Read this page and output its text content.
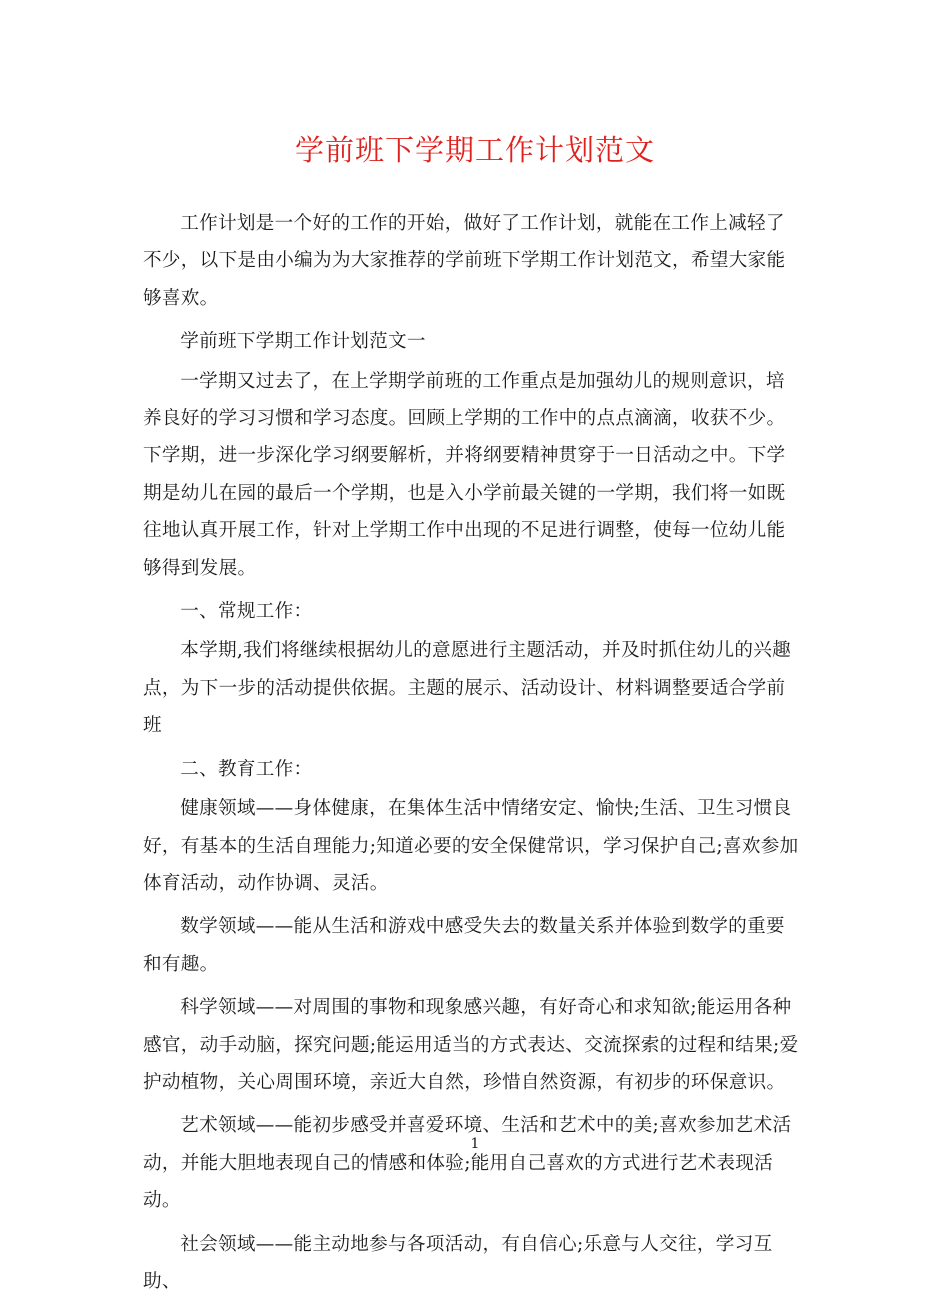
学前班下学期工作计划范文

工作计划是一个好的工作的开始，做好了工作计划，就能在工作上减轻了不少，以下是由小编为为大家推荐的学前班下学期工作计划范文，希望大家能够喜欢。

学前班下学期工作计划范文一

一学期又过去了，在上学期学前班的工作重点是加强幼儿的规则意识，培养良好的学习习惯和学习态度。回顾上学期的工作中的点点滴滴，收获不少。下学期，进一步深化学习纲要解析，并将纲要精神贯穿于一日活动之中。下学期是幼儿在园的最后一个学期，也是入小学前最关键的一学期，我们将一如既往地认真开展工作，针对上学期工作中出现的不足进行调整，使每一位幼儿能够得到发展。

一、常规工作：

本学期,我们将继续根据幼儿的意愿进行主题活动，并及时抓住幼儿的兴趣点，为下一步的活动提供依据。主题的展示、活动设计、材料调整要适合学前班

二、教育工作：

健康领域——身体健康，在集体生活中情绪安定、愉快;生活、卫生习惯良好，有基本的生活自理能力;知道必要的安全保健常识，学习保护自己;喜欢参加体育活动，动作协调、灵活。

数学领域——能从生活和游戏中感受失去的数量关系并体验到数学的重要和有趣。

科学领域——对周围的事物和现象感兴趣，有好奇心和求知欲;能运用各种感官，动手动脑，探究问题;能运用适当的方式表达、交流探索的过程和结果;爱护动植物，关心周围环境，亲近大自然，珍惜自然资源，有初步的环保意识。

艺术领域——能初步感受并喜爱环境、生活和艺术中的美;喜欢参加艺术活动，并能大胆地表现自己的情感和体验;能用自己喜欢的方式进行艺术表现活动。

社会领域——能主动地参与各项活动，有自信心;乐意与人交往，学习互助、

1
